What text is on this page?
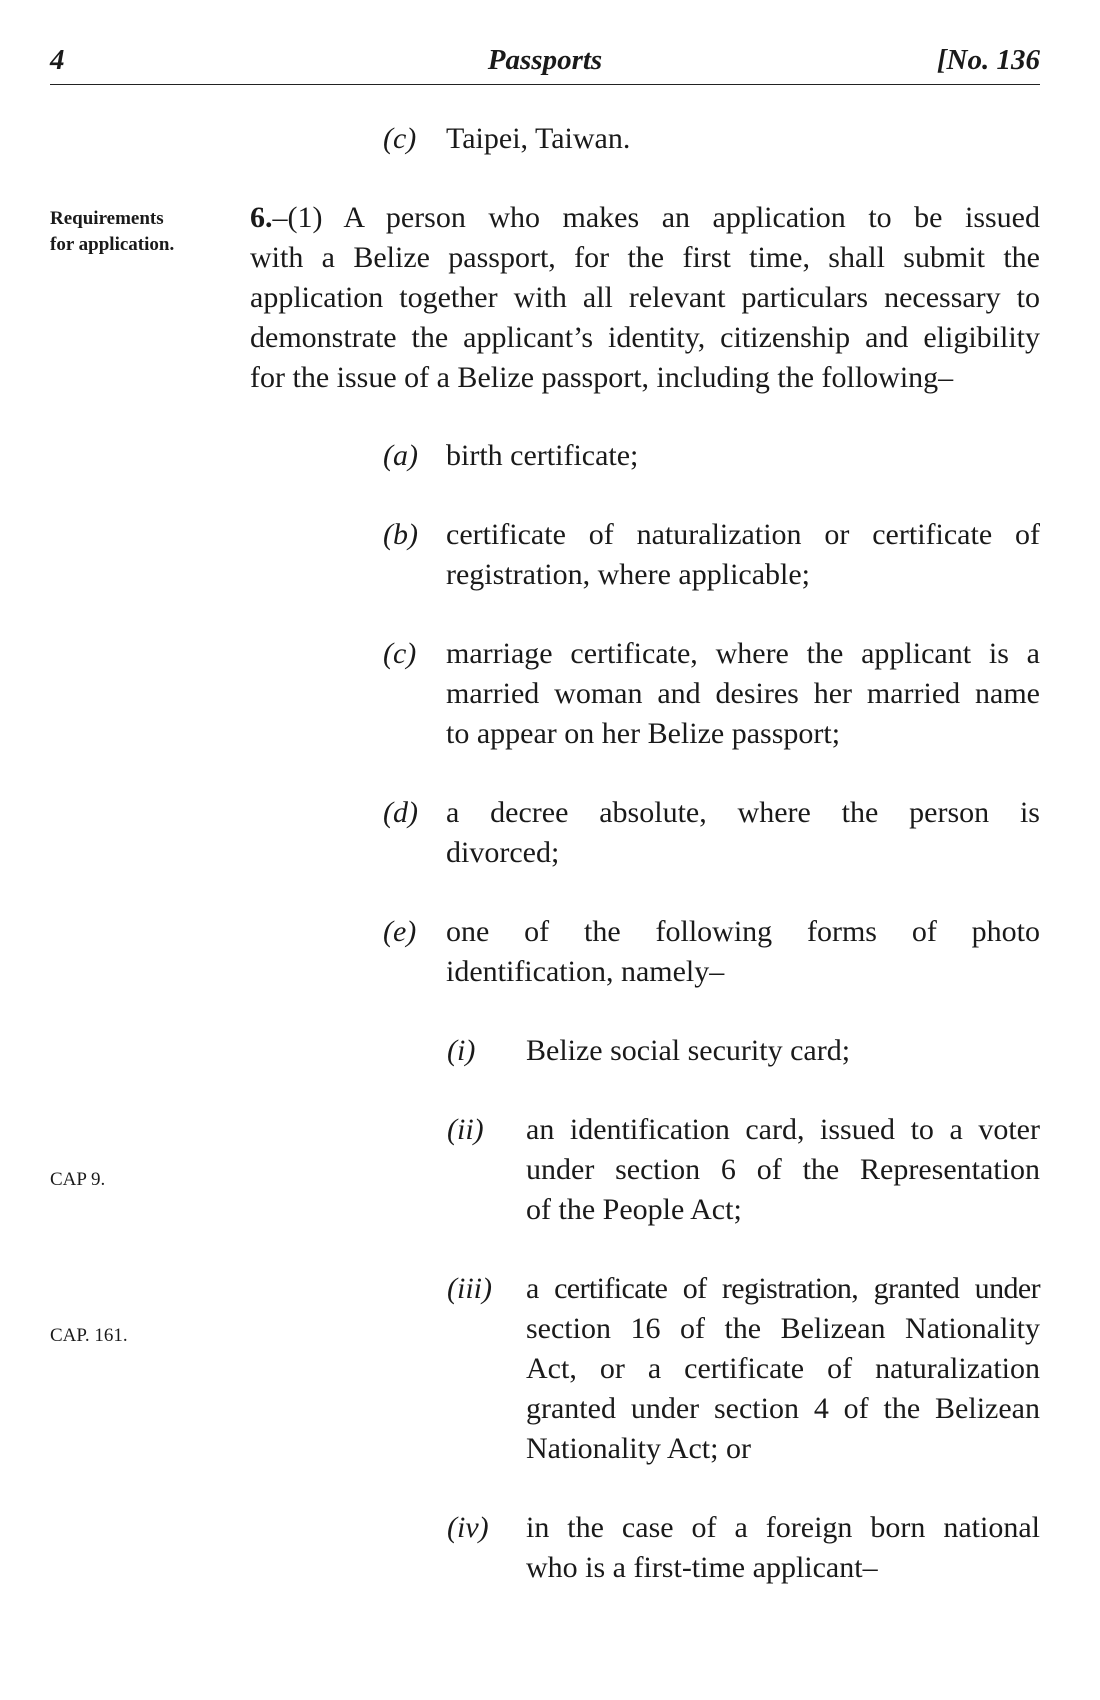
4	Passports	[No. 136
(c) Taipei, Taiwan.
Requirements
for application.
CAP 9.
CAP. 161.
6.–(1) A person who makes an application to be issued
with a Belize passport, for the first time, shall submit the
application together with all relevant particulars necessary to
demonstrate the applicant’s identity, citizenship and eligibility
for the issue of a Belize passport, including the following–
(a) birth certificate;
(b) certificate of naturalization or certificate of
registration, where applicable;
(c) marriage certificate, where the applicant is a
married woman and desires her married name
to appear on her Belize passport;
(d) a decree absolute, where the person is
divorced;
(e) one of the following forms of photo
identification, namely–
(i) Belize social security card;
(ii) an identification card, issued to a voter
under section 6 of the Representation
of the People Act;
(iii) a certificate of registration, granted under
section 16 of the Belizean Nationality
Act, or a certificate of naturalization
granted under section 4 of the Belizean
Nationality Act; or
(iv) in the case of a foreign born national
who is a first-time applicant–
